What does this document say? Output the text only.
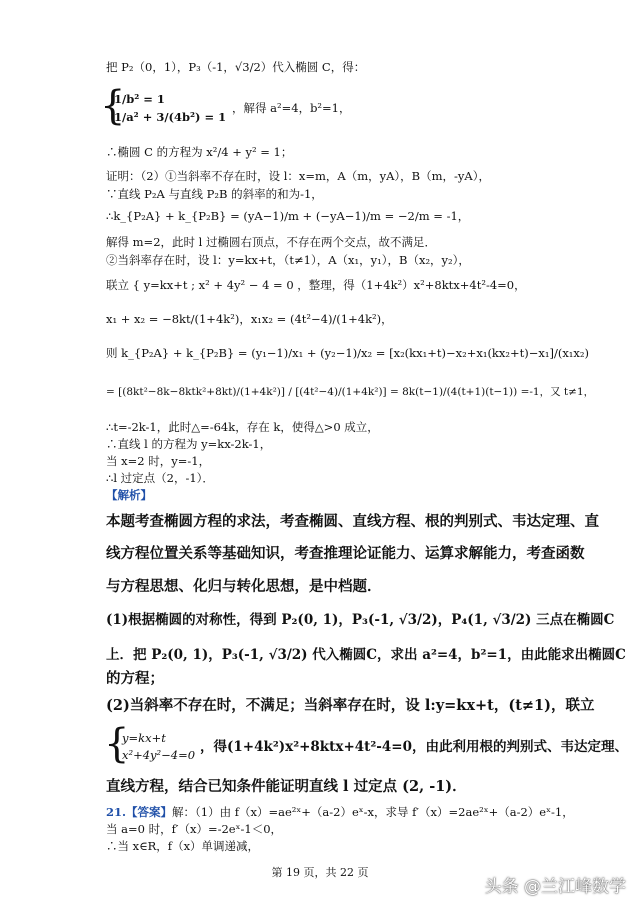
把 P₂（0，1），P₃（-1，√3/2）代入椭圆 C，得：
{
1/b² = 1
1/a² + 3/(4b²) = 1
，解得 a²=4，b²=1，
∴椭圆 C 的方程为 x²/4 + y² = 1；
证明：（2）①当斜率不存在时，设 l：x=m，A（m，yA），B（m，-yA），
∵直线 P₂A 与直线 P₂B 的斜率的和为-1，
∴k_{P₂A} + k_{P₂B} = (yA−1)/m + (−yA−1)/m = −2/m = -1，
解得 m=2，此时 l 过椭圆右顶点，不存在两个交点，故不满足．
②当斜率存在时，设 l：y=kx+t，（t≠1），A（x₁，y₁），B（x₂，y₂），
联立 { y=kx+t ; x² + 4y² − 4 = 0 ，整理，得（1+4k²）x²+8ktx+4t²-4=0，
x₁ + x₂ = −8kt/(1+4k²)，x₁x₂ = (4t²−4)/(1+4k²)，
则 k_{P₂A} + k_{P₂B} = (y₁−1)/x₁ + (y₂−1)/x₂ = [x₂(kx₁+t)−x₂+x₁(kx₂+t)−x₁]/(x₁x₂)
= [(8kt²−8k−8ktk²+8kt)/(1+4k²)] / [(4t²−4)/(1+4k²)] = 8k(t−1)/(4(t+1)(t−1)) =-1，又 t≠1，
∴t=-2k-1，此时△=-64k，存在 k，使得△>0 成立，
∴直线 l 的方程为 y=kx-2k-1，
当 x=2 时，y=-1，
∴l 过定点（2，-1）．
【解析】
本题考查椭圆方程的求法，考查椭圆、直线方程、根的判别式、韦达定理、直
线方程位置关系等基础知识，考查推理论证能力、运算求解能力，考查函数
与方程思想、化归与转化思想，是中档题．
(1)根据椭圆的对称性，得到 P₂(0, 1)，P₃(-1, √3/2)，P₄(1, √3/2) 三点在椭圆C
上．把 P₂(0, 1)，P₃(-1, √3/2) 代入椭圆C，求出 a²=4，b²=1，由此能求出椭圆C
的方程；
(2)当斜率不存在时，不满足；当斜率存在时，设 l:y=kx+t，(t≠1)，联立
{
y=kx+t
x²+4y²−4=0 ，得(1+4k²)x²+8ktx+4t²-4=0，由此利用根的判别式、韦达定理、
直线方程，结合已知条件能证明直线 l 过定点 (2, -1)．
21.【答案】解：（1）由 f（x）=ae²ˣ+（a-2）eˣ-x，求导 f′（x）=2ae²ˣ+（a-2）eˣ-1，
当 a=0 时，f′（x）=-2eˣ-1＜0，
∴当 x∈R，f（x）单调递减，
第 19 页，共 22 页
头条 @兰江峰数学
